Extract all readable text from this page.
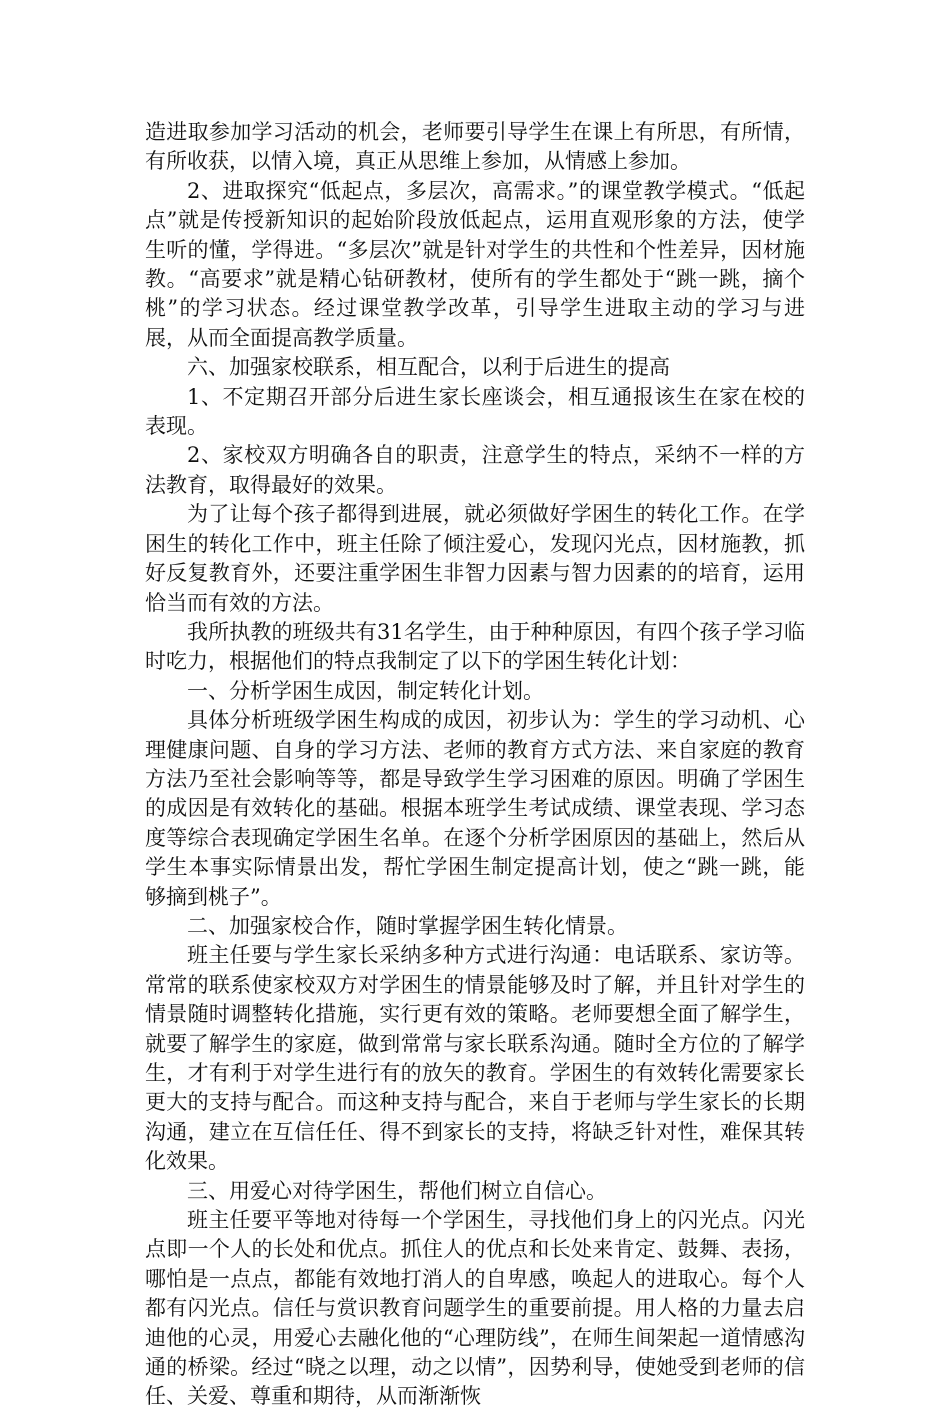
造进取参加学习活动的机会，老师要引导学生在课上有所思，有所情，有所收获，以情入境，真正从思维上参加，从情感上参加。

2、进取探究“低起点，多层次，高需求。”的课堂教学模式。“低起点”就是传授新知识的起始阶段放低起点，运用直观形象的方法，使学生听的懂，学得进。“多层次”就是针对学生的共性和个性差异，因材施教。“高要求”就是精心钻研教材，使所有的学生都处于“跳一跳，摘个桃”的学习状态。经过课堂教学改革，引导学生进取主动的学习与进展，从而全面提高教学质量。

六、加强家校联系，相互配合，以利于后进生的提高

1、不定期召开部分后进生家长座谈会，相互通报该生在家在校的表现。

2、家校双方明确各自的职责，注意学生的特点，采纳不一样的方法教育，取得最好的效果。

为了让每个孩子都得到进展，就必须做好学困生的转化工作。在学困生的转化工作中，班主任除了倾注爱心，发现闪光点，因材施教，抓好反复教育外，还要注重学困生非智力因素与智力因素的的培育，运用恰当而有效的方法。

我所执教的班级共有31名学生，由于种种原因，有四个孩子学习临时吃力，根据他们的特点我制定了以下的学困生转化计划：

一、分析学困生成因，制定转化计划。

具体分析班级学困生构成的成因，初步认为：学生的学习动机、心理健康问题、自身的学习方法、老师的教育方式方法、来自家庭的教育方法乃至社会影响等等，都是导致学生学习困难的原因。明确了学困生的成因是有效转化的基础。根据本班学生考试成绩、课堂表现、学习态度等综合表现确定学困生名单。在逐个分析学困原因的基础上，然后从学生本事实际情景出发，帮忙学困生制定提高计划，使之“跳一跳，能够摘到桃子”。

二、加强家校合作，随时掌握学困生转化情景。

班主任要与学生家长采纳多种方式进行沟通：电话联系、家访等。常常的联系使家校双方对学困生的情景能够及时了解，并且针对学生的情景随时调整转化措施，实行更有效的策略。老师要想全面了解学生，就要了解学生的家庭，做到常常与家长联系沟通。随时全方位的了解学生，才有利于对学生进行有的放矢的教育。学困生的有效转化需要家长更大的支持与配合。而这种支持与配合，来自于老师与学生家长的长期沟通，建立在互信任任、得不到家长的支持，将缺乏针对性，难保其转化效果。

三、用爱心对待学困生，帮他们树立自信心。

班主任要平等地对待每一个学困生，寻找他们身上的闪光点。闪光点即一个人的长处和优点。抓住人的优点和长处来肯定、鼓舞、表扬，哪怕是一点点，都能有效地打消人的自卑感，唤起人的进取心。每个人都有闪光点。信任与赏识教育问题学生的重要前提。用人格的力量去启迪他的心灵，用爱心去融化他的“心理防线”，在师生间架起一道情感沟通的桥梁。经过“晓之以理，动之以情”，因势利导，使她受到老师的信任、关爱、尊重和期待，从而渐渐恢
